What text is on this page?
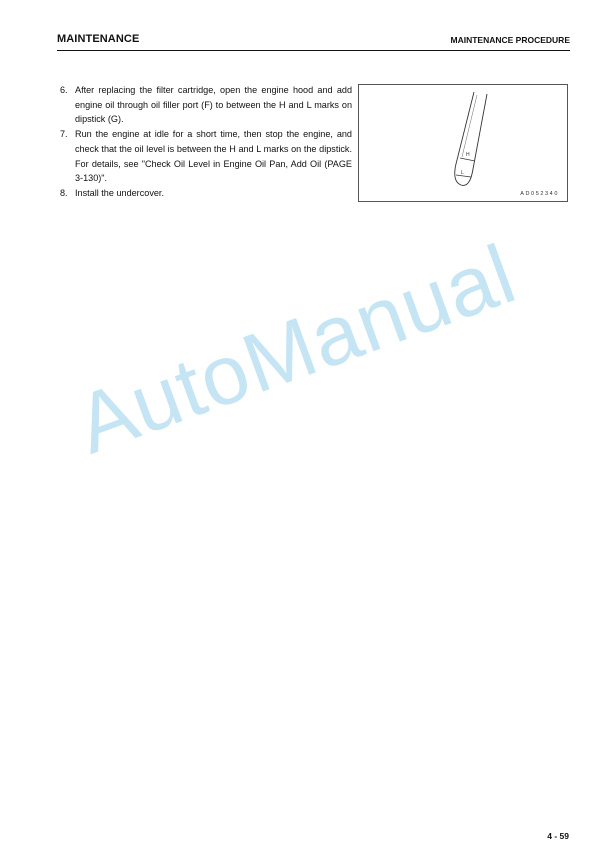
MAINTENANCE	MAINTENANCE PROCEDURE
6. After replacing the filter cartridge, open the engine hood and add engine oil through oil filler port (F) to between the H and L marks on dipstick (G).
7. Run the engine at idle for a short time, then stop the engine, and check that the oil level is between the H and L marks on the dipstick. For details, see "Check Oil Level in Engine Oil Pan, Add Oil (PAGE 3-130)".
8. Install the undercover.
H
L
AD052340
AutoManual
4 - 59
